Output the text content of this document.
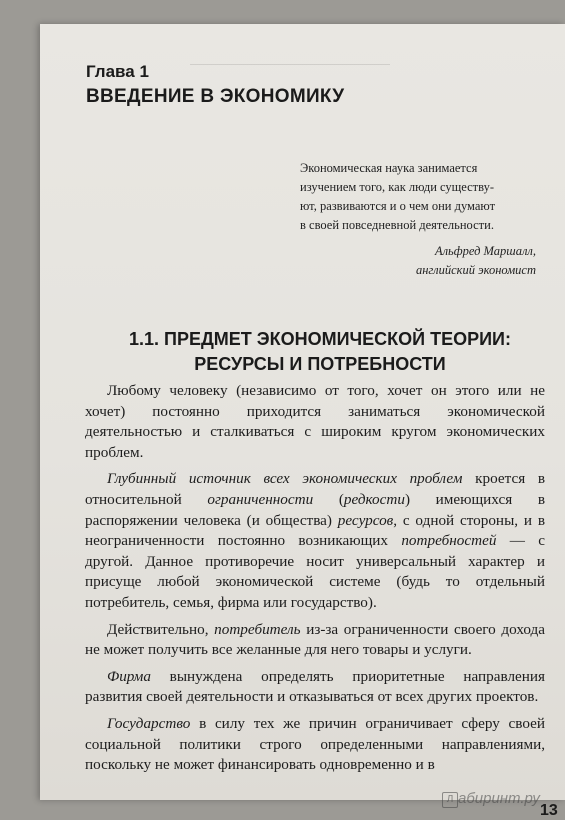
Глава 1
ВВЕДЕНИЕ В ЭКОНОМИКУ
Экономическая наука занимается
изучением того, как люди существу-
ют, развиваются и о чем они думают
в своей повседневной деятельности.
Альфред Маршалл,
английский экономист
1.1. ПРЕДМЕТ ЭКОНОМИЧЕСКОЙ ТЕОРИИ:
РЕСУРСЫ И ПОТРЕБНОСТИ

Любому человеку (независимо от того, хочет он этого или не хочет) постоянно приходится заниматься экономической деятельностью и сталкиваться с широким кругом экономических проблем.

Глубинный источник всех экономических проблем кроется в относительной ограниченности (редкости) имеющихся в распоряжении человека (и общества) ресурсов, с одной стороны, и в неограниченности постоянно возникающих потребностей — с другой. Данное противоречие носит универсальный характер и присуще любой экономической системе (будь то отдельный потребитель, семья, фирма или государство).

Действительно, потребитель из-за ограниченности своего дохода не может получить все желанные для него товары и услуги.

Фирма вынуждена определять приоритетные направления развития своей деятельности и отказываться от всех других проектов.

Государство в силу тех же причин ограничивает сферу своей социальной политики строго определенными направлениями, поскольку не может финансировать одновременно и в

Л абиринт.ру
13
